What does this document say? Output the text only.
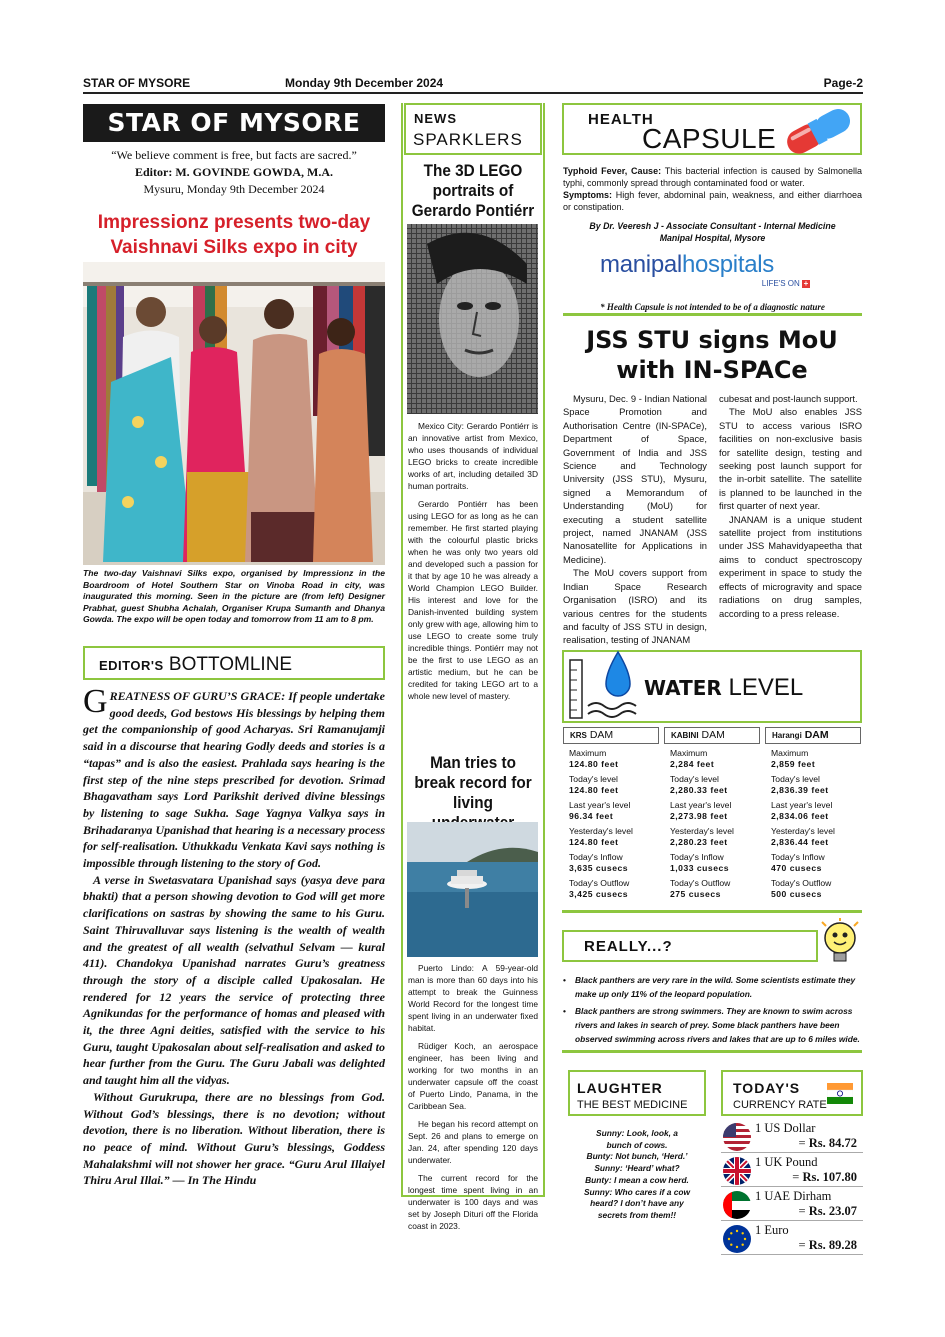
STAR OF MYSORE	Monday 9th December 2024	Page-2
STAR OF MYSORE
“We believe comment is free, but facts are sacred.”
Editor: M. GOVINDE GOWDA, M.A.
Mysuru, Monday 9th December 2024
Impressionz presents two-day
Vaishnavi Silks expo in city
The two-day Vaishnavi Silks expo, organised by Impressionz in the Boardroom of Hotel Southern Star on Vinoba Road in city, was inaugurated this morning. Seen in the picture are (from left) Designer Prabhat, guest Shubha Achalah, Organiser Krupa Sumanth and Dhanya Gowda. The expo will be open today and tomorrow from 11 am to 8 pm.
EDITOR'S BOTTOMLINE

GREATNESS OF GURU’S GRACE: If people undertake good deeds, God bestows His blessings by helping them get the companionship of good Acharyas. Sri Ramanujamji said in a discourse that hearing Godly deeds and stories is a “tapas” and is also the easiest. Prahlada says hearing is the first step of the nine steps prescribed for devotion. Srimad Bhagavatham says Lord Parikshit derived divine blessings by listening to sage Sukha. Sage Yagnya Valkya says in Brihadaranya Upanishad that hearing is a necessary process for self-realisation. Uthukkadu Venkata Kavi says nothing is impossible through listening to the story of God.

A verse in Swetasvatara Upanishad says (yasya deve para bhakti) that a person showing devotion to God will get more clarifications on sastras by showing the same to his Guru. Saint Thiruvalluvar says listening is the wealth of wealth and the greatest of all wealth (selvathul Selvam — kural 411). Chandokya Upanishad narrates Guru’s greatness through the story of a disciple called Upakosalan. He rendered for 12 years the service of protecting three Agnikundas for the performance of homas and pleased with it, the three Agni deities, satisfied with the service to his Guru, taught Upakosalan about self-realisation and asked to hear further from the Guru. The Guru Jabali was delighted and taught him all the vidyas.

Without Gurukrupa, there are no blessings from God. Without God’s blessings, there is no devotion; without devotion, there is no liberation. Without liberation, there is no peace of mind. Without Guru’s blessings, Goddess Mahalakshmi will not shower her grace. “Guru Arul Illaiyel Thiru Arul Illai.” — In The Hindu

NEWS
SPARKLERS
The 3D LEGO
portraits of
Gerardo Pontiérr

Mexico City: Gerardo Pontiérr is an innovative artist from Mexico, who uses thousands of individual LEGO bricks to create incredible works of art, including detailed 3D human portraits.

Gerardo Pontiérr has been using LEGO for as long as he can remember. He first started playing with the colourful plastic bricks when he was only two years old and developed such a passion for it that by age 10 he was already a World Champion LEGO Builder. His interest and love for the Danish-invented building system only grew with age, allowing him to use LEGO to create some truly incredible things. Pontiérr may not be the first to use LEGO as an artistic medium, but he can be credited for taking LEGO art to a whole new level of mastery.

Man tries to
break record for
living

Puerto Lindo: A 59-year-old man is more than 60 days into his attempt to break the Guinness World Record for the longest time spent living in an underwater fixed habitat.

Rüdiger Koch, an aerospace engineer, has been living and working for two months in an underwater capsule off the coast of Puerto Lindo, Panama, in the Caribbean Sea.

He began his record attempt on Sept. 26 and plans to emerge on Jan. 24, after spending 120 days underwater.

The current record for the longest time spent living in an underwater is 100 days and was set by Joseph Dituri off the Florida coast in 2023.

HEALTH
CAPSULE
Typhoid Fever, Cause: This bacterial infection is caused by Salmonella typhi, commonly spread through contaminated food or water.
Symptoms: High fever, abdominal pain, weakness, and either diarrhoea or constipation.
By Dr. Veeresh J - Associate Consultant - Internal Medicine
Manipal Hospital, Mysore
manipalhospitals
LIFE'S ON +
* Health Capsule is not intended to be of a diagnostic nature
JSS STU signs MoU
with IN-SPACe

Mysuru, Dec. 9 - Indian National Space Promotion and Authorisation Centre (IN-SPACe), Department of Space, Government of India and JSS Science and Technology University (JSS STU), Mysuru, signed a Memorandum of Understanding (MoU) for executing a student satellite project, named JNANAM (JSS Nanosatellite for Applications in Medicine).

The MoU covers support from Indian Space Research Organisation (ISRO) and its various centres for the students and faculty of JSS STU in design, realisation, testing of JNANAM

cubesat and post-launch support.

The MoU also enables JSS STU to access various ISRO facilities on non-exclusive basis for satellite design, testing and seeking post launch support for the in-orbit satellite. The satellite is planned to be launched in the first quarter of next year.

JNANAM is a unique student satellite project from institutions under JSS Mahavidyapeetha that aims to conduct spectroscopy experiment in space to study the effects of microgravity and space radiations on drug samples, according to a press release.

WATER LEVEL
KRS DAM
Maximum
124.80 feet
Today's level
124.80 feet
Last year's level
96.34 feet
Yesterday's level
124.80 feet
Today's Inflow
3,635 cusecs
Today's Outflow
3,425 cusecs
KABINI DAM
Maximum
2,284 feet
Today's level
2,280.33 feet
Last year's level
2,273.98 feet
Yesterday's level
2,280.23 feet
Today's Inflow
1,033 cusecs
Today's Outflow
275 cusecs
Harangi DAM
Maximum
2,859 feet
Today's level
2,836.39 feet
Last year's level
2,834.06 feet
Yesterday's level
2,836.44 feet
Today's Inflow
470 cusecs
Today's Outflow
500 cusecs
REALLY...?
• Black panthers are very rare in the wild. Some scientists estimate they make up only 11% of the leopard population.
• Black panthers are strong swimmers. They are known to swim across rivers and lakes in search of prey. Some black panthers have been observed swimming across rivers and lakes that are up to 6 miles wide.
LAUGHTER
THE BEST MEDICINE
Sunny: Look, look, a
bunch of cows.
Bunty: Not bunch, ‘Herd.’
Sunny: ‘Heard’ what?
Bunty: I mean a cow herd.
Sunny: Who cares if a cow
heard? I don’t have any
secrets from them!!
TODAY'S
CURRENCY RATE
1 US Dollar
= Rs. 84.72
1 UK Pound
= Rs. 107.80
1 UAE Dirham
= Rs. 23.07
1 Euro
= Rs. 89.28
